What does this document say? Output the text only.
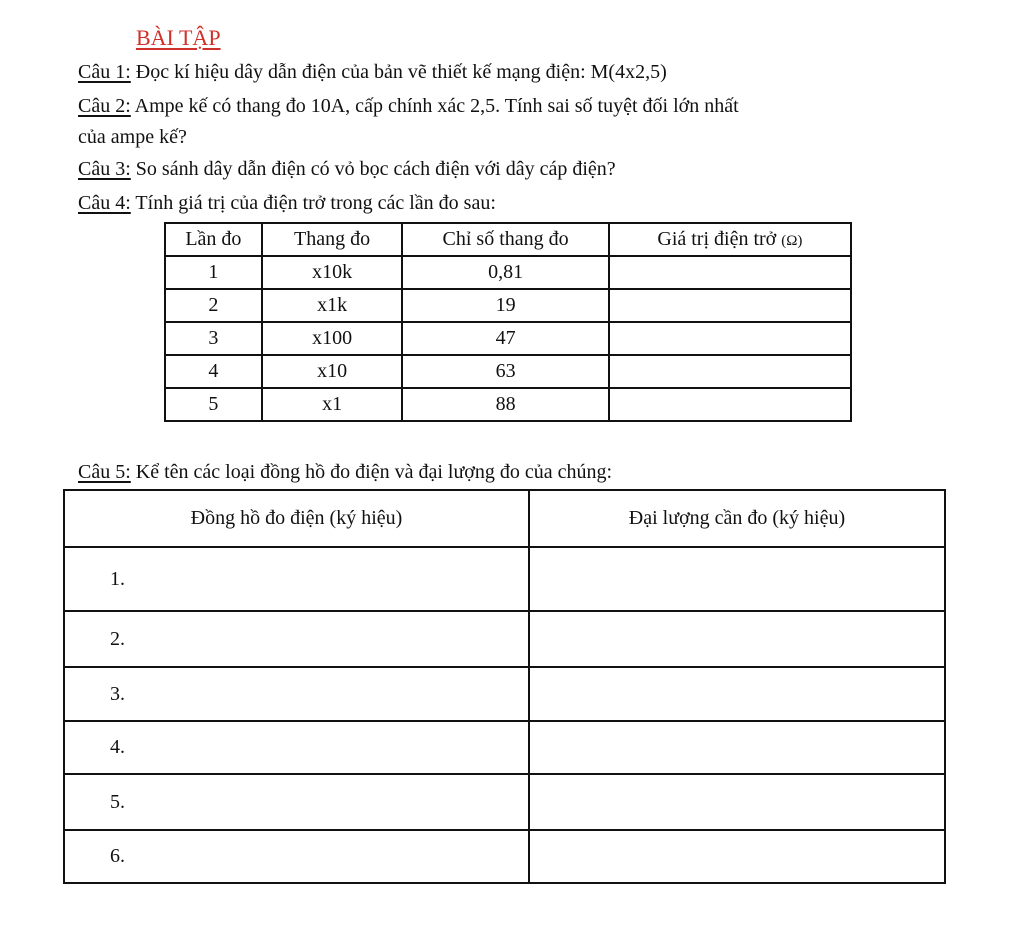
BÀI TẬP
Câu 1: Đọc kí hiệu dây dẫn điện của bản vẽ thiết kế mạng điện: M(4x2,5)
Câu 2: Ampe kế có thang đo 10A, cấp chính xác 2,5. Tính sai số tuyệt đối lớn nhất
của ampe kế?
Câu 3: So sánh dây dẫn điện có vỏ bọc cách điện với dây cáp điện?
Câu 4: Tính giá trị của điện trở trong các lần đo sau:
Lần đo	Thang đo	Chỉ số thang đo	Giá trị điện trở (Ω)
1	x10k	0,81	
2	x1k	19	
3	x100	47	
4	x10	63	
5	x1	88	
Câu 5: Kể tên các loại đồng hồ đo điện và đại lượng đo của chúng:
Đồng hồ đo điện (ký hiệu)	Đại lượng cần đo (ký hiệu)
1.	
2.	
3.	
4.	
5.	
6.	
